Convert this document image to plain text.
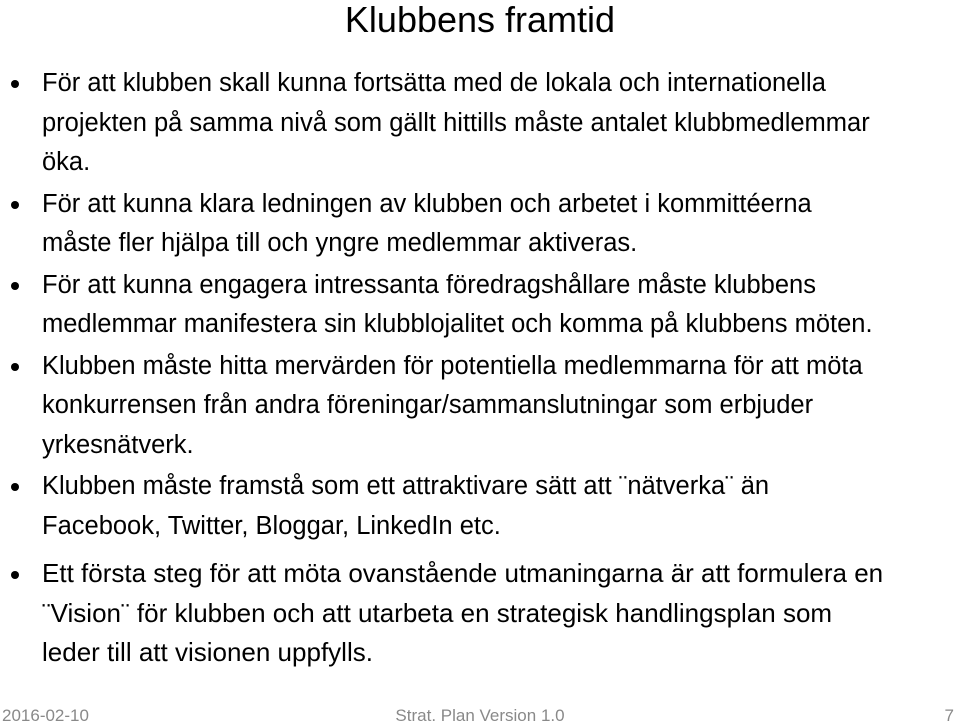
Klubbens framtid
För att klubben skall kunna fortsätta med de lokala och internationella
projekten på samma nivå som gällt hittills måste antalet klubbmedlemmar
öka.
För att kunna klara ledningen av klubben och arbetet i kommittéerna
måste fler hjälpa till och yngre medlemmar aktiveras.
För att kunna engagera intressanta föredragshållare måste klubbens
medlemmar manifestera sin klubblojalitet och komma på klubbens möten.
Klubben måste hitta mervärden för potentiella medlemmarna för att möta
konkurrensen från andra föreningar/sammanslutningar som erbjuder
yrkesnätverk.
Klubben måste framstå som ett attraktivare sätt att ¨nätverka¨ än
Facebook, Twitter, Bloggar, LinkedIn etc.
Ett första steg för att möta ovanstående utmaningarna är att formulera en
¨Vision¨ för klubben och att utarbeta en strategisk handlingsplan som
leder till att visionen uppfylls.
2016-02-10	Strat. Plan Version 1.0	7
